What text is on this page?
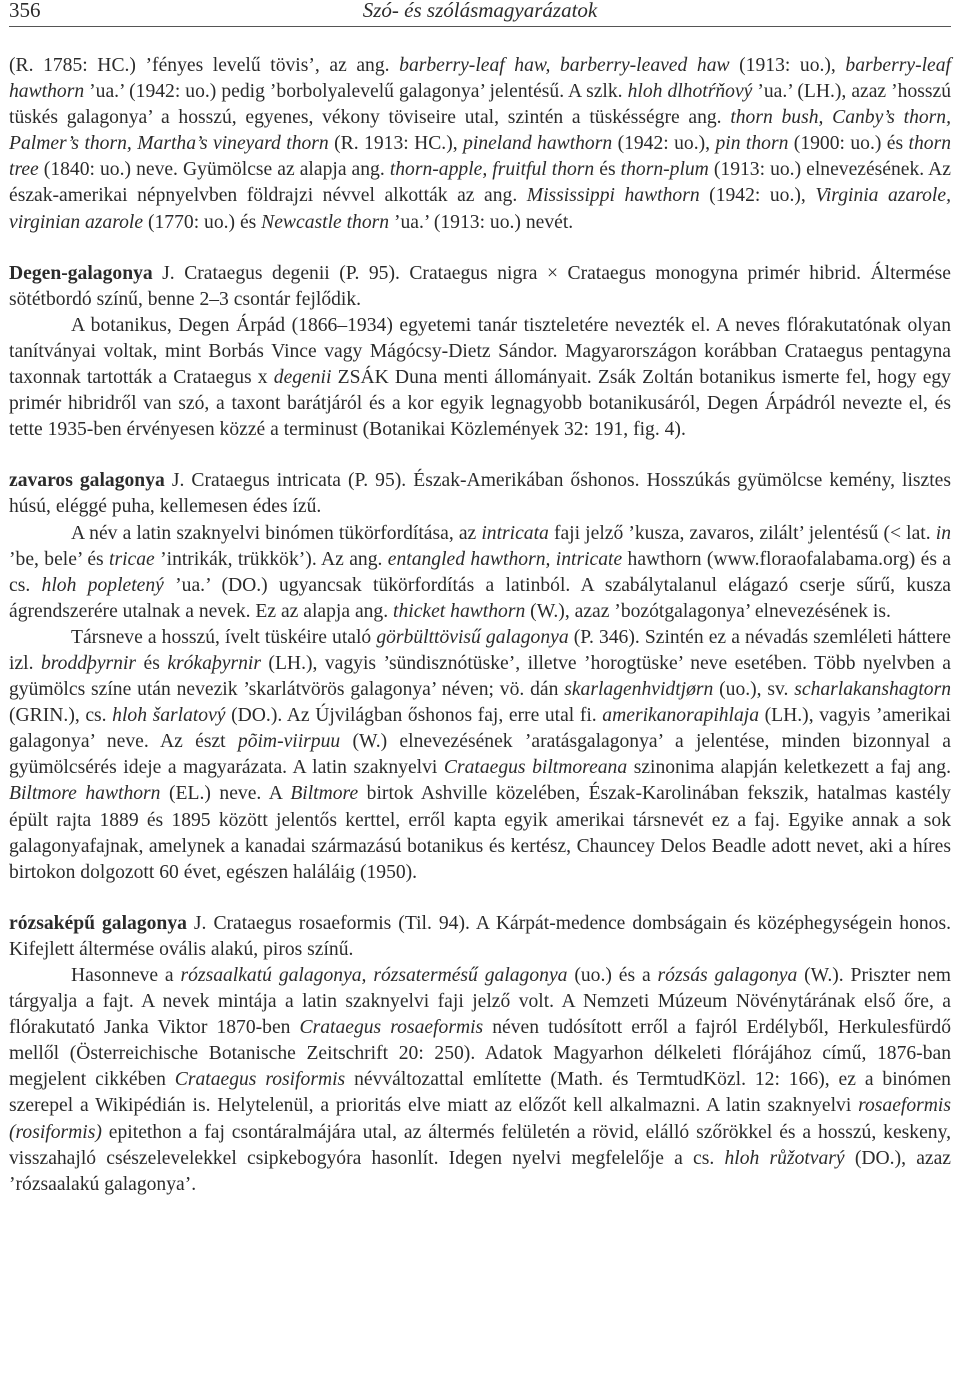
356	Szó- és szólásmagyarázatok

(R. 1785: HC.) ’fényes levelű tövis’, az ang. barberry-leaf haw, barberry-leaved haw (1913: uo.), barberry-leaf hawthorn ’ua.’ (1942: uo.) pedig ’borbolyalevelű galagonya’ jelentésű. A szlk. hloh dlhotŕňový ’ua.’ (LH.), azaz ’hosszú tüskés galagonya’ a hosszú, egyenes, vékony töviseire utal, szintén a tüskésségre ang. thorn bush, Canby’s thorn, Palmer’s thorn, Martha’s vineyard thorn (R. 1913: HC.), pineland hawthorn (1942: uo.), pin thorn (1900: uo.) és thorn tree (1840: uo.) neve. Gyümölcse az alapja ang. thorn-apple, fruitful thorn és thorn-plum (1913: uo.) elnevezésének. Az észak-amerikai népnyelvben földrajzi névvel alkották az ang. Mississippi hawthorn (1942: uo.), Virginia azarole, virginian azarole (1770: uo.) és Newcastle thorn ’ua.’ (1913: uo.) nevét.

Degen-galagonya J. Crataegus degenii (P. 95). Crataegus nigra × Crataegus monogyna primér hibrid. Áltermése sötétbordó színű, benne 2–3 csontár fejlődik.

A botanikus, Degen Árpád (1866–1934) egyetemi tanár tiszteletére nevezték el. A neves flórakutatónak olyan tanítványai voltak, mint Borbás Vince vagy Mágócsy-Dietz Sándor. Magyarországon korábban Crataegus pentagyna taxonnak tartották a Crataegus x degenii ZSÁK Duna menti állományait. Zsák Zoltán botanikus ismerte fel, hogy egy primér hibridről van szó, a taxont barátjáról és a kor egyik legnagyobb botanikusáról, Degen Árpádról nevezte el, és tette 1935-ben érvényesen közzé a terminust (Botanikai Közlemények 32: 191, fig. 4).

zavaros galagonya J. Crataegus intricata (P. 95). Észak-Amerikában őshonos. Hosszúkás gyümölcse kemény, lisztes húsú, eléggé puha, kellemesen édes ízű.

A név a latin szaknyelvi binómen tükörfordítása, az intricata faji jelző ’kusza, zavaros, zilált’ jelentésű (< lat. in ’be, bele’ és tricae ’intrikák, trükkök’). Az ang. entangled hawthorn, intricate hawthorn (www.floraofalabama.org) és a cs. hloh popletený ’ua.’ (DO.) ugyancsak tükörfordítás a latinból. A szabálytalanul elágazó cserje sűrű, kusza ágrendszerére utalnak a nevek. Ez az alapja ang. thicket hawthorn (W.), azaz ’bozótgalagonya’ elnevezésének is.

Társneve a hosszú, ívelt tüskéire utaló görbülttövisű galagonya (P. 346). Szintén ez a névadás szemléleti háttere izl. broddþyrnir és krókaþyrnir (LH.), vagyis ’sündisznótüske’, illetve ’horogtüske’ neve esetében. Több nyelvben a gyümölcs színe után nevezik ’skarlátvörös galagonya’ néven; vö. dán skarlagenhvidtjørn (uo.), sv. scharlakanshagtorn (GRIN.), cs. hloh šarlatový (DO.). Az Újvilágban őshonos faj, erre utal fi. amerikanorapihlaja (LH.), vagyis ’amerikai galagonya’ neve. Az észt põim-viirpuu (W.) elnevezésének ’aratásgalagonya’ a jelentése, minden bizonnyal a gyümölcsérés ideje a magyarázata. A latin szaknyelvi Crataegus biltmoreana szinonima alapján keletkezett a faj ang. Biltmore hawthorn (EL.) neve. A Biltmore birtok Ashville közelében, Észak-Karolinában fekszik, hatalmas kastély épült rajta 1889 és 1895 között jelentős kerttel, erről kapta egyik amerikai társnevét ez a faj. Egyike annak a sok galagonyafajnak, amelynek a kanadai származású botanikus és kertész, Chauncey Delos Beadle adott nevet, aki a híres birtokon dolgozott 60 évet, egészen haláláig (1950).

rózsaképű galagonya J. Crataegus rosaeformis (Til. 94). A Kárpát-medence dombságain és középhegységein honos. Kifejlett áltermése ovális alakú, piros színű.

Hasonneve a rózsaalkatú galagonya, rózsatermésű galagonya (uo.) és a rózsás galagonya (W.). Priszter nem tárgyalja a fajt. A nevek mintája a latin szaknyelvi faji jelző volt. A Nemzeti Múzeum Növénytárának első őre, a flórakutató Janka Viktor 1870-ben Crataegus rosaeformis néven tudósított erről a fajról Erdélyből, Herkulesfürdő mellől (Österreichische Botanische Zeitschrift 20: 250). Adatok Magyarhon délkeleti flórájához című, 1876-ban megjelent cikkében Crataegus rosiformis névváltozattal említette (Math. és TermtudKözl. 12: 166), ez a binómen szerepel a Wikipédián is. Helytelenül, a prioritás elve miatt az előzőt kell alkalmazni. A latin szaknyelvi rosaeformis (rosiformis) epitethon a faj csontáralmájára utal, az áltermés felületén a rövid, elálló szőrökkel és a hosszú, keskeny, visszahajló csészelevelekkel csipkebogyóra hasonlít. Idegen nyelvi megfelelője a cs. hloh růžotvarý (DO.), azaz ’rózsaalakú galagonya’.
